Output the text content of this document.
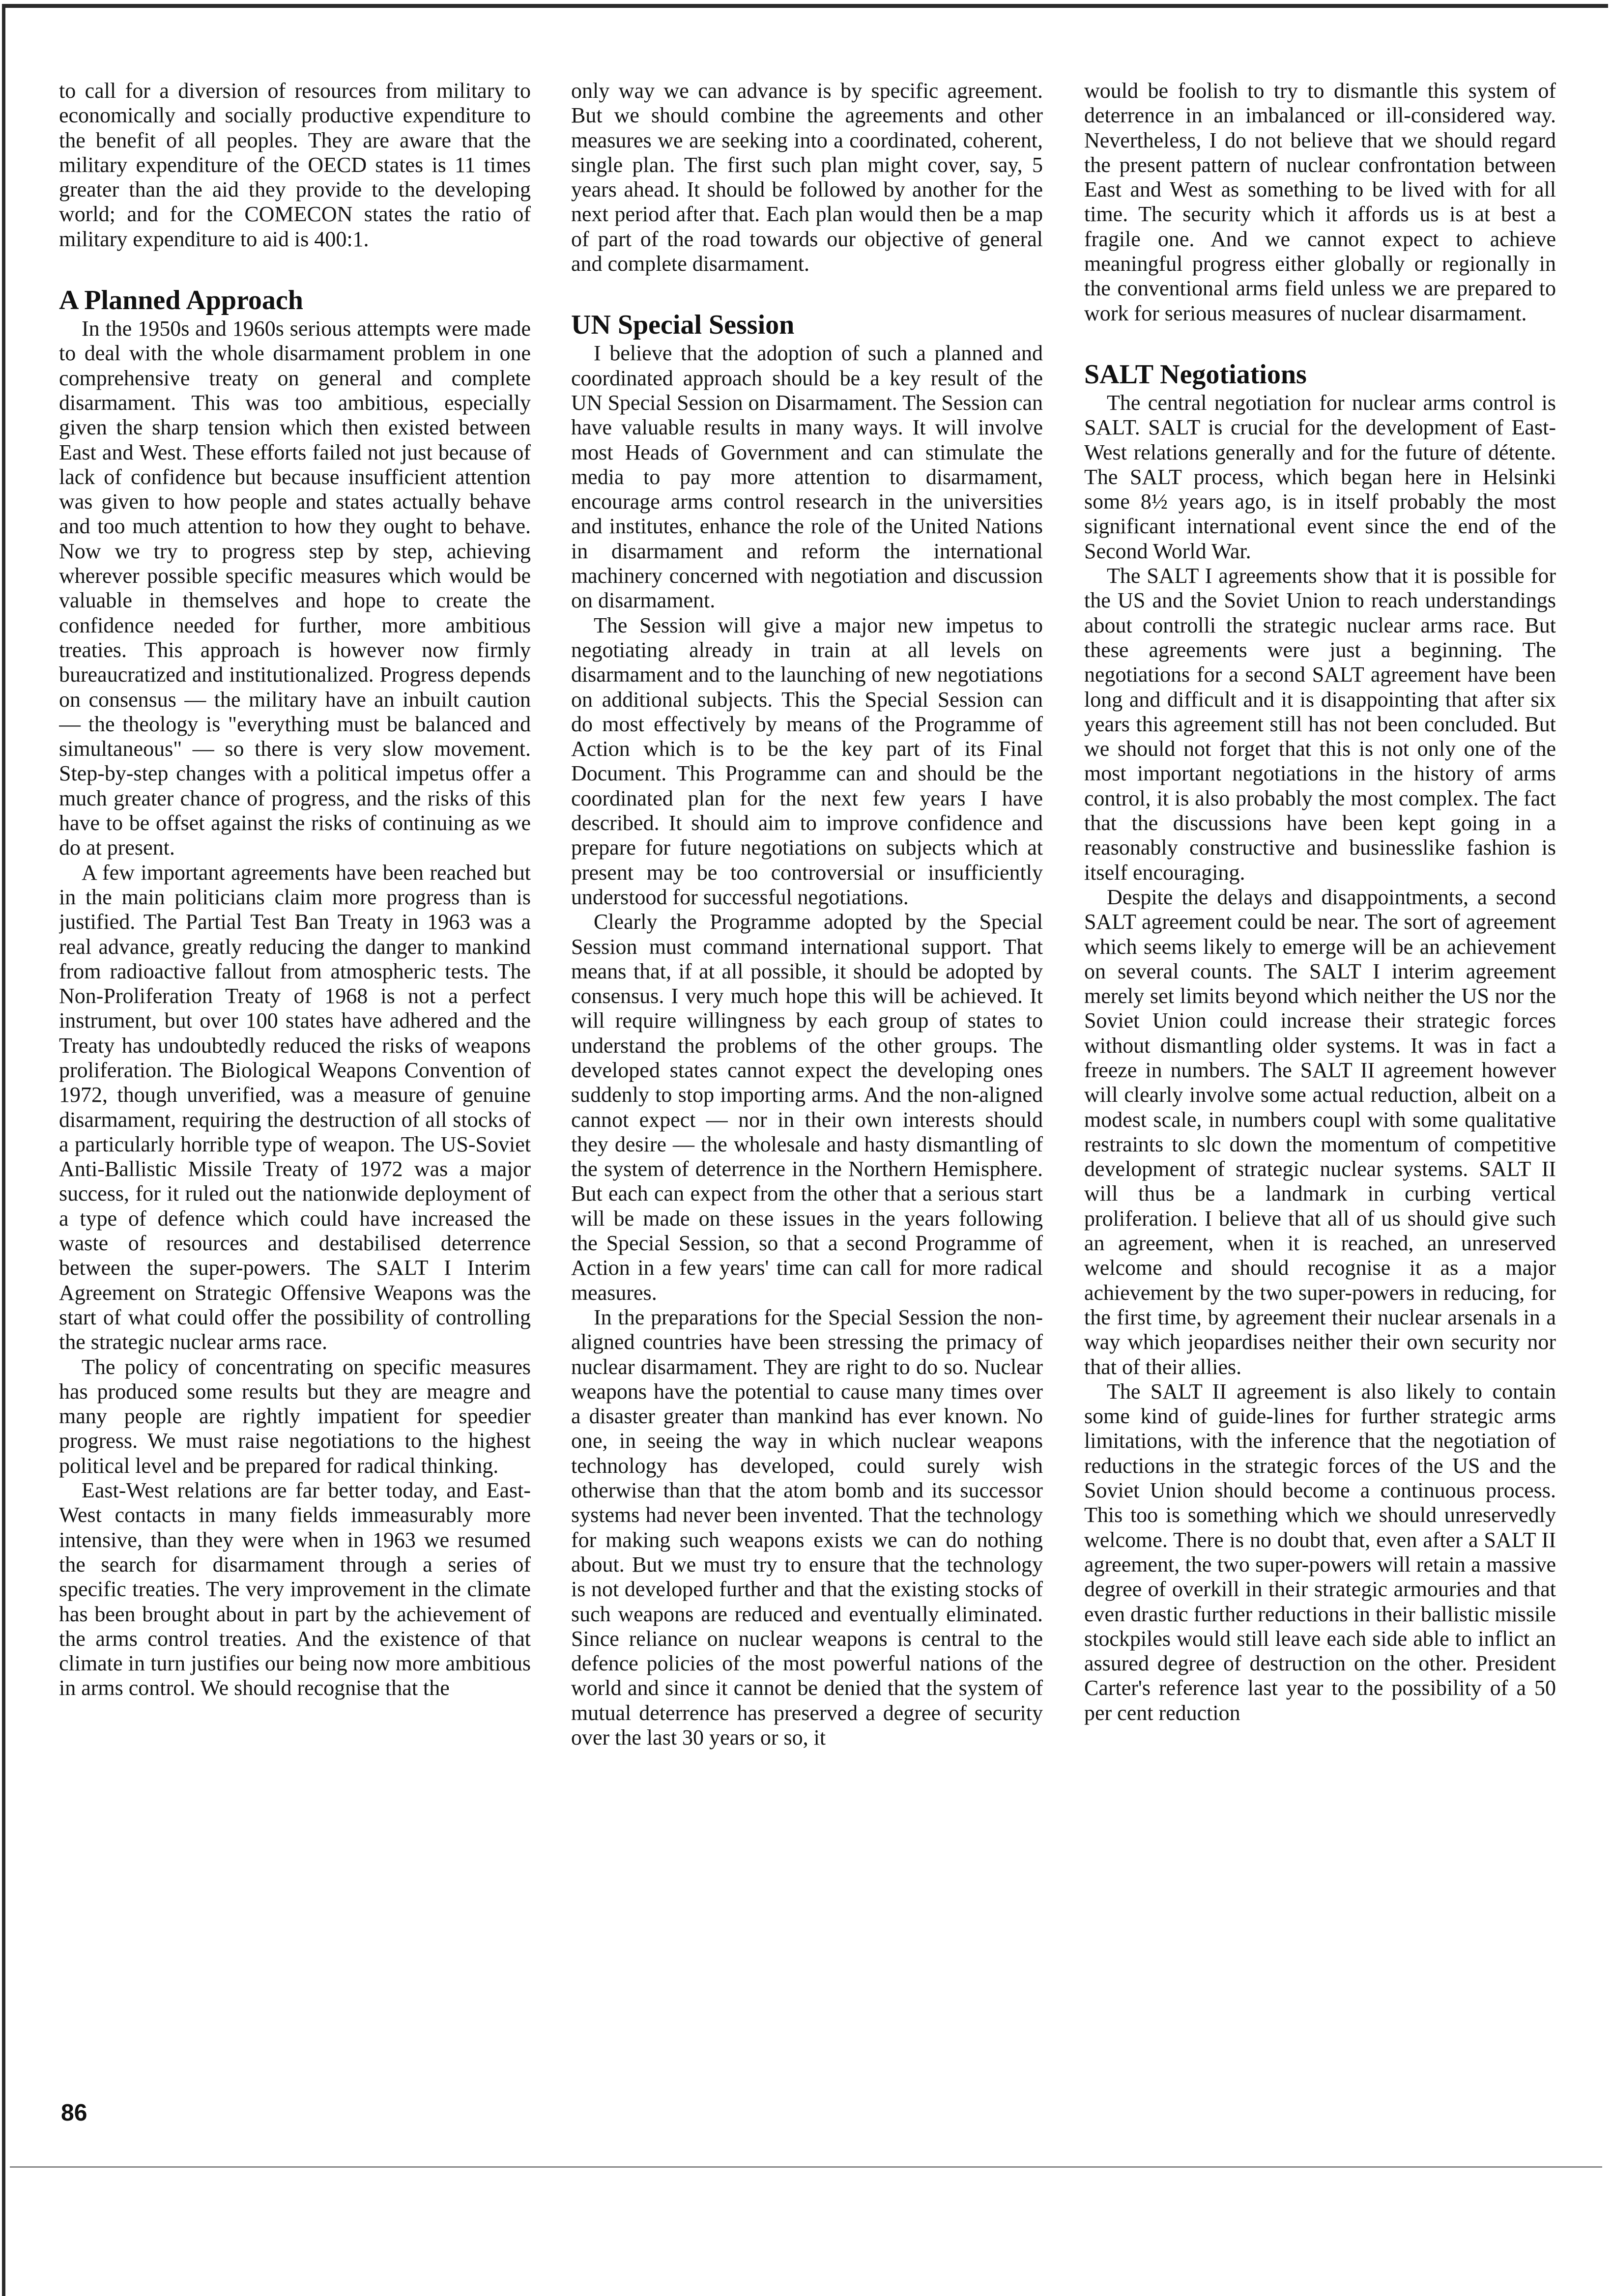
to call for a diversion of resources from military to economically and socially productive expenditure to the benefit of all peoples. They are aware that the military expenditure of the OECD states is 11 times greater than the aid they provide to the developing world; and for the COMECON states the ratio of military expenditure to aid is 400:1.

A Planned Approach

In the 1950s and 1960s serious attempts were made to deal with the whole disarmament problem in one comprehensive treaty on general and complete disarmament. This was too ambitious, especially given the sharp tension which then existed between East and West. These efforts failed not just because of lack of confidence but because insufficient attention was given to how people and states actually behave and too much attention to how they ought to behave. Now we try to progress step by step, achieving wherever possible specific measures which would be valuable in themselves and hope to create the confidence needed for further, more ambitious treaties. This approach is however now firmly bureaucratized and institutionalized. Progress depends on consensus — the military have an inbuilt caution — the theology is "everything must be balanced and simultaneous" — so there is very slow movement. Step-by-step changes with a political impetus offer a much greater chance of progress, and the risks of this have to be offset against the risks of continuing as we do at present.

A few important agreements have been reached but in the main politicians claim more progress than is justified. The Partial Test Ban Treaty in 1963 was a real advance, greatly reducing the danger to mankind from radioactive fallout from atmospheric tests. The Non-Proliferation Treaty of 1968 is not a perfect instrument, but over 100 states have adhered and the Treaty has undoubtedly reduced the risks of weapons proliferation. The Biological Weapons Convention of 1972, though unverified, was a measure of genuine disarmament, requiring the destruction of all stocks of a particularly horrible type of weapon. The US-Soviet Anti-Ballistic Missile Treaty of 1972 was a major success, for it ruled out the nationwide deployment of a type of defence which could have increased the waste of resources and destabilised deterrence between the super-powers. The SALT I Interim Agreement on Strategic Offensive Weapons was the start of what could offer the possibility of controlling the strategic nuclear arms race.

The policy of concentrating on specific measures has produced some results but they are meagre and many people are rightly impatient for speedier progress. We must raise negotiations to the highest political level and be prepared for radical thinking.

East-West relations are far better today, and East-West contacts in many fields immeasurably more intensive, than they were when in 1963 we resumed the search for disarmament through a series of specific treaties. The very improvement in the climate has been brought about in part by the achievement of the arms control treaties. And the existence of that climate in turn justifies our being now more ambitious in arms control. We should recognise that the

only way we can advance is by specific agreement. But we should combine the agreements and other measures we are seeking into a coordinated, coherent, single plan. The first such plan might cover, say, 5 years ahead. It should be followed by another for the next period after that. Each plan would then be a map of part of the road towards our objective of general and complete disarmament.

UN Special Session

I believe that the adoption of such a planned and coordinated approach should be a key result of the UN Special Session on Disarmament. The Session can have valuable results in many ways. It will involve most Heads of Government and can stimulate the media to pay more attention to disarmament, encourage arms control research in the universities and institutes, enhance the role of the United Nations in disarmament and reform the international machinery concerned with negotiation and discussion on disarmament.

The Session will give a major new impetus to negotiating already in train at all levels on disarmament and to the launching of new negotiations on additional subjects. This the Special Session can do most effectively by means of the Programme of Action which is to be the key part of its Final Document. This Programme can and should be the coordinated plan for the next few years I have described. It should aim to improve confidence and prepare for future negotiations on subjects which at present may be too controversial or insufficiently understood for successful negotiations.

Clearly the Programme adopted by the Special Session must command international support. That means that, if at all possible, it should be adopted by consensus. I very much hope this will be achieved. It will require willingness by each group of states to understand the problems of the other groups. The developed states cannot expect the developing ones suddenly to stop importing arms. And the non-aligned cannot expect — nor in their own interests should they desire — the wholesale and hasty dismantling of the system of deterrence in the Northern Hemisphere. But each can expect from the other that a serious start will be made on these issues in the years following the Special Session, so that a second Programme of Action in a few years' time can call for more radical measures.

In the preparations for the Special Session the non-aligned countries have been stressing the primacy of nuclear disarmament. They are right to do so. Nuclear weapons have the potential to cause many times over a disaster greater than mankind has ever known. No one, in seeing the way in which nuclear weapons technology has developed, could surely wish otherwise than that the atom bomb and its successor systems had never been invented. That the technology for making such weapons exists we can do nothing about. But we must try to ensure that the technology is not developed further and that the existing stocks of such weapons are reduced and eventually eliminated. Since reliance on nuclear weapons is central to the defence policies of the most powerful nations of the world and since it cannot be denied that the system of mutual deterrence has preserved a degree of security over the last 30 years or so, it

would be foolish to try to dismantle this system of deterrence in an imbalanced or ill-considered way. Nevertheless, I do not believe that we should regard the present pattern of nuclear confrontation between East and West as something to be lived with for all time. The security which it affords us is at best a fragile one. And we cannot expect to achieve meaningful progress either globally or regionally in the conventional arms field unless we are prepared to work for serious measures of nuclear disarmament.

SALT Negotiations

The central negotiation for nuclear arms control is SALT. SALT is crucial for the development of East-West relations generally and for the future of détente. The SALT process, which began here in Helsinki some 8½ years ago, is in itself probably the most significant international event since the end of the Second World War.

The SALT I agreements show that it is possible for the US and the Soviet Union to reach understandings about controlli the strategic nuclear arms race. But these agreements were just a beginning. The negotiations for a second SALT agreement have been long and difficult and it is disappointing that after six years this agreement still has not been concluded. But we should not forget that this is not only one of the most important negotiations in the history of arms control, it is also probably the most complex. The fact that the discussions have been kept going in a reasonably constructive and businesslike fashion is itself encouraging.

Despite the delays and disappointments, a second SALT agreement could be near. The sort of agreement which seems likely to emerge will be an achievement on several counts. The SALT I interim agreement merely set limits beyond which neither the US nor the Soviet Union could increase their strategic forces without dismantling older systems. It was in fact a freeze in numbers. The SALT II agreement however will clearly involve some actual reduction, albeit on a modest scale, in numbers coupl with some qualitative restraints to slc down the momentum of competitive development of strategic nuclear systems. SALT II will thus be a landmark in curbing vertical proliferation. I believe that all of us should give such an agreement, when it is reached, an unreserved welcome and should recognise it as a major achievement by the two super-powers in reducing, for the first time, by agreement their nuclear arsenals in a way which jeopardises neither their own security nor that of their allies.

The SALT II agreement is also likely to contain some kind of guide-lines for further strategic arms limitations, with the inference that the negotiation of reductions in the strategic forces of the US and the Soviet Union should become a continuous process. This too is something which we should unreservedly welcome. There is no doubt that, even after a SALT II agreement, the two super-powers will retain a massive degree of overkill in their strategic armouries and that even drastic further reductions in their ballistic missile stockpiles would still leave each side able to inflict an assured degree of destruction on the other. President Carter's reference last year to the possibility of a 50 per cent reduction

86
